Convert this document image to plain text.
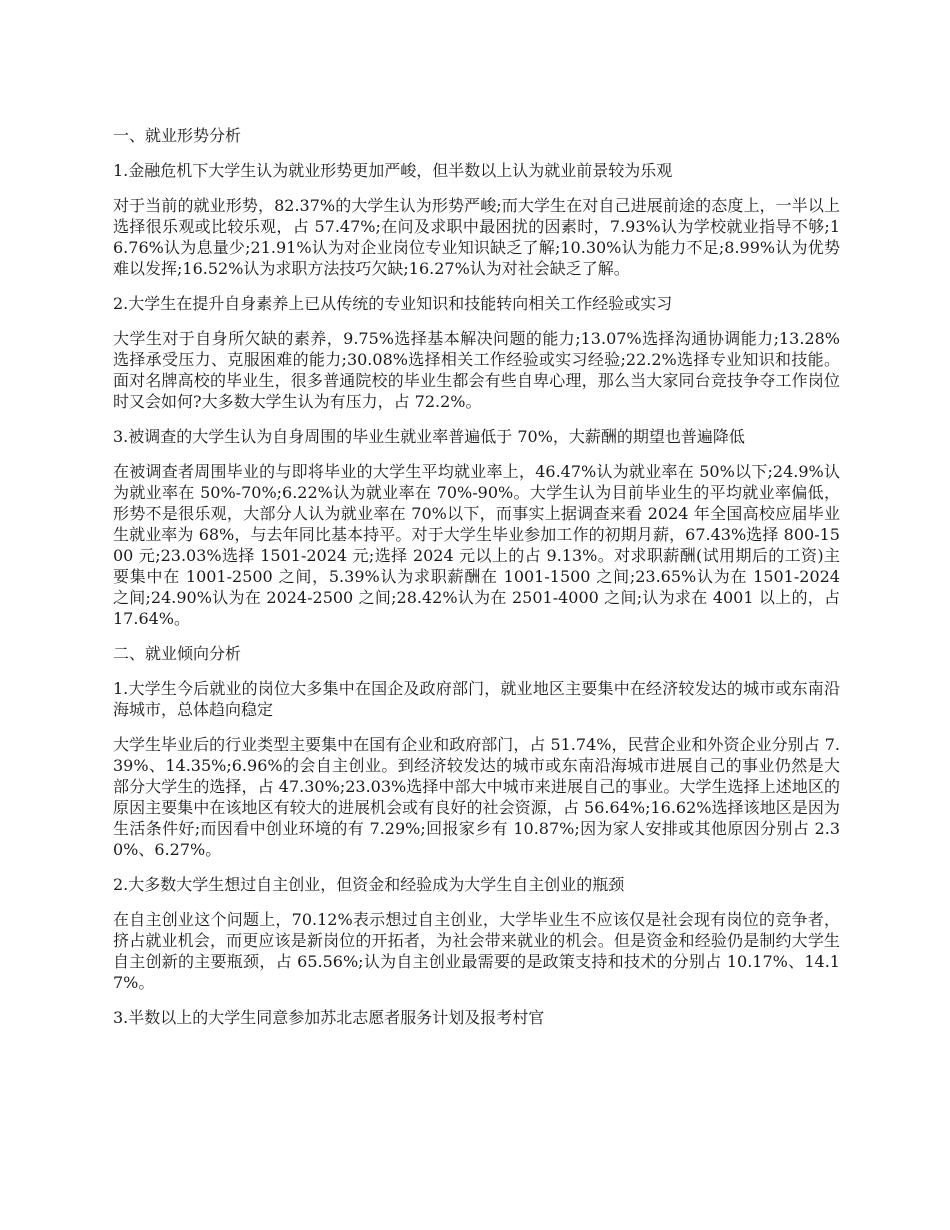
一、就业形势分析

1.金融危机下大学生认为就业形势更加严峻，但半数以上认为就业前景较为乐观

对于当前的就业形势，82.37%的大学生认为形势严峻;而大学生在对自己进展前途的态度上，一半以上选择很乐观或比较乐观，占 57.47%;在问及求职中最困扰的因素时，7.93%认为学校就业指导不够;16.76%认为息量少;21.91%认为对企业岗位专业知识缺乏了解;10.30%认为能力不足;8.99%认为优势难以发挥;16.52%认为求职方法技巧欠缺;16.27%认为对社会缺乏了解。

2.大学生在提升自身素养上已从传统的专业知识和技能转向相关工作经验或实习

大学生对于自身所欠缺的素养，9.75%选择基本解决问题的能力;13.07%选择沟通协调能力;13.28%选择承受压力、克服困难的能力;30.08%选择相关工作经验或实习经验;22.2%选择专业知识和技能。面对名牌高校的毕业生，很多普通院校的毕业生都会有些自卑心理，那么当大家同台竞技争夺工作岗位时又会如何?大多数大学生认为有压力，占 72.2%。

3.被调查的大学生认为自身周围的毕业生就业率普遍低于 70%，大薪酬的期望也普遍降低

在被调查者周围毕业的与即将毕业的大学生平均就业率上，46.47%认为就业率在 50%以下;24.9%认为就业率在 50%-70%;6.22%认为就业率在 70%-90%。大学生认为目前毕业生的平均就业率偏低，形势不是很乐观，大部分人认为就业率在 70%以下，而事实上据调查来看 2024 年全国高校应届毕业生就业率为 68%，与去年同比基本持平。对于大学生毕业参加工作的初期月薪，67.43%选择 800-1500 元;23.03%选择 1501-2024 元;选择 2024 元以上的占 9.13%。对求职薪酬(试用期后的工资)主要集中在 1001-2500 之间，5.39%认为求职薪酬在 1001-1500 之间;23.65%认为在 1501-2024 之间;24.90%认为在 2024-2500 之间;28.42%认为在 2501-4000 之间;认为求在 4001 以上的，占 17.64%。

二、就业倾向分析

1.大学生今后就业的岗位大多集中在国企及政府部门，就业地区主要集中在经济较发达的城市或东南沿海城市，总体趋向稳定

大学生毕业后的行业类型主要集中在国有企业和政府部门，占 51.74%，民营企业和外资企业分别占 7.39%、14.35%;6.96%的会自主创业。到经济较发达的城市或东南沿海城市进展自己的事业仍然是大部分大学生的选择，占 47.30%;23.03%选择中部大中城市来进展自己的事业。大学生选择上述地区的原因主要集中在该地区有较大的进展机会或有良好的社会资源，占 56.64%;16.62%选择该地区是因为生活条件好;而因看中创业环境的有 7.29%;回报家乡有 10.87%;因为家人安排或其他原因分别占 2.30%、6.27%。

2.大多数大学生想过自主创业，但资金和经验成为大学生自主创业的瓶颈

在自主创业这个问题上，70.12%表示想过自主创业，大学毕业生不应该仅是社会现有岗位的竞争者，挤占就业机会，而更应该是新岗位的开拓者，为社会带来就业的机会。但是资金和经验仍是制约大学生自主创新的主要瓶颈，占 65.56%;认为自主创业最需要的是政策支持和技术的分别占 10.17%、14.17%。

3.半数以上的大学生同意参加苏北志愿者服务计划及报考村官
